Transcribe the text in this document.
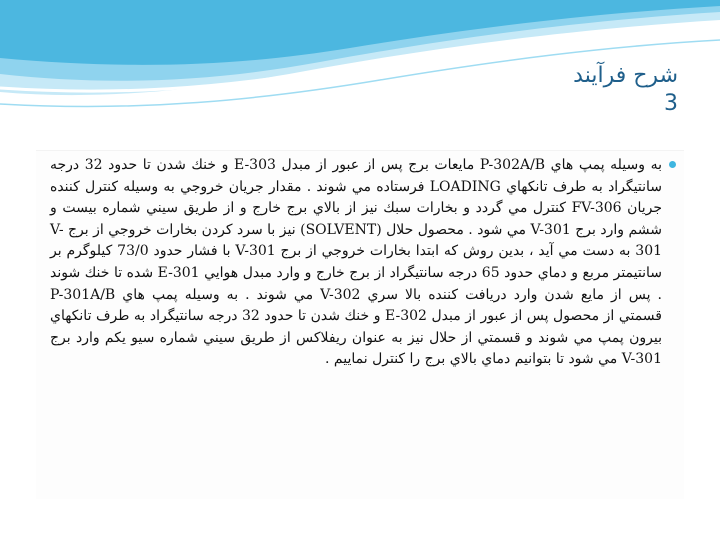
شرح فرآيند
3

به وسيله پمپ هاي P-302A/B مايعات برج پس از عبور از مبدل E-303 و خنك شدن تا حدود 32 درجه سانتيگراد به طرف تانكهاي LOADING فرستاده مي شوند . مقدار جريان خروجي به وسيله كنترل كننده جريان FV-306 كنترل مي گردد و بخارات سبك نيز از بالاي برج خارج و از طريق سيني شماره بيست و ششم وارد برج V-301 مي شود . محصول حلال (SOLVENT) نيز با سرد كردن بخارات خروجي از برج V-301 به دست مي آيد ، بدين روش كه ابتدا بخارات خروجي از برج V-301 با فشار حدود 73/0 كيلوگرم بر سانتيمتر مربع و دماي حدود 65 درجه سانتيگراد از برج خارج و وارد مبدل هوايي E-301 شده تا خنك شوند . پس از مايع شدن وارد دريافت كننده بالا سري V-302 مي شوند . به وسيله پمپ هاي P-301A/B قسمتي از محصول پس از عبور از مبدل E-302 و خنك شدن تا حدود 32 درجه سانتيگراد به طرف تانكهاي بيرون پمپ مي شوند و قسمتي از حلال نيز به عنوان ريفلاكس از طريق سيني شماره سيو يكم وارد برج V-301 مي شود تا بتوانيم دماي بالاي برج را كنترل نماييم .
